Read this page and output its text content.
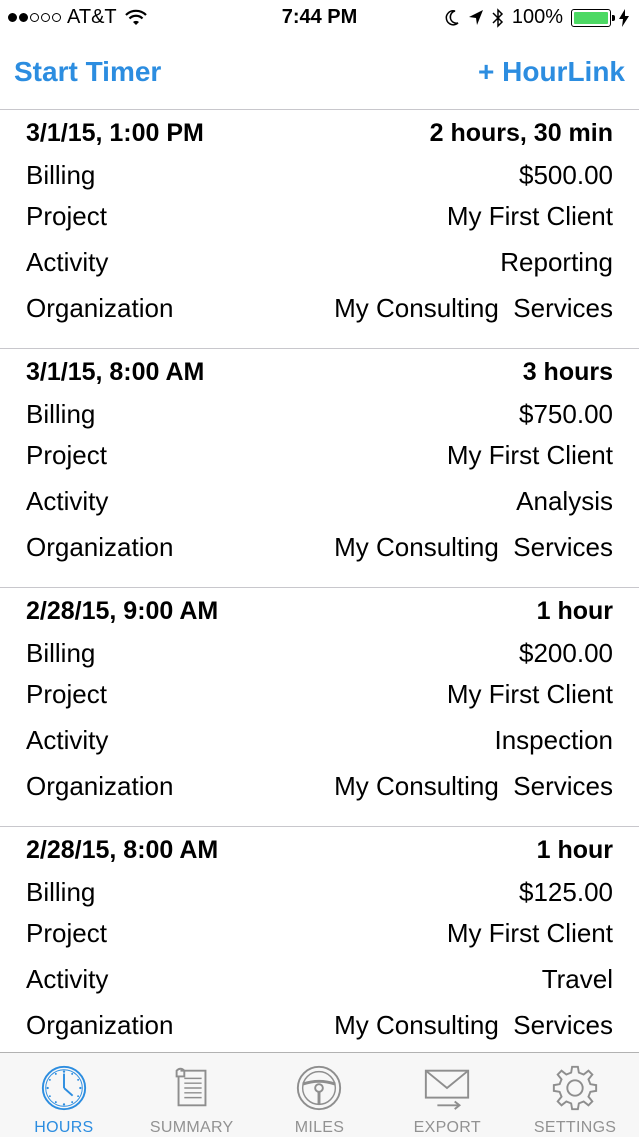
AT&T	7:44 PM	100%
Start Timer	+ HourLink
3/1/15, 1:00 PM	2 hours, 30 min
Billing	$500.00
Project	My First Client
Activity	Reporting
Organization	My Consulting  Services
3/1/15, 8:00 AM	3 hours
Billing	$750.00
Project	My First Client
Activity	Analysis
Organization	My Consulting  Services
2/28/15, 9:00 AM	1 hour
Billing	$200.00
Project	My First Client
Activity	Inspection
Organization	My Consulting  Services
2/28/15, 8:00 AM	1 hour
Billing	$125.00
Project	My First Client
Activity	Travel
Organization	My Consulting  Services
HOURS	SUMMARY	MILES	EXPORT	SETTINGS
